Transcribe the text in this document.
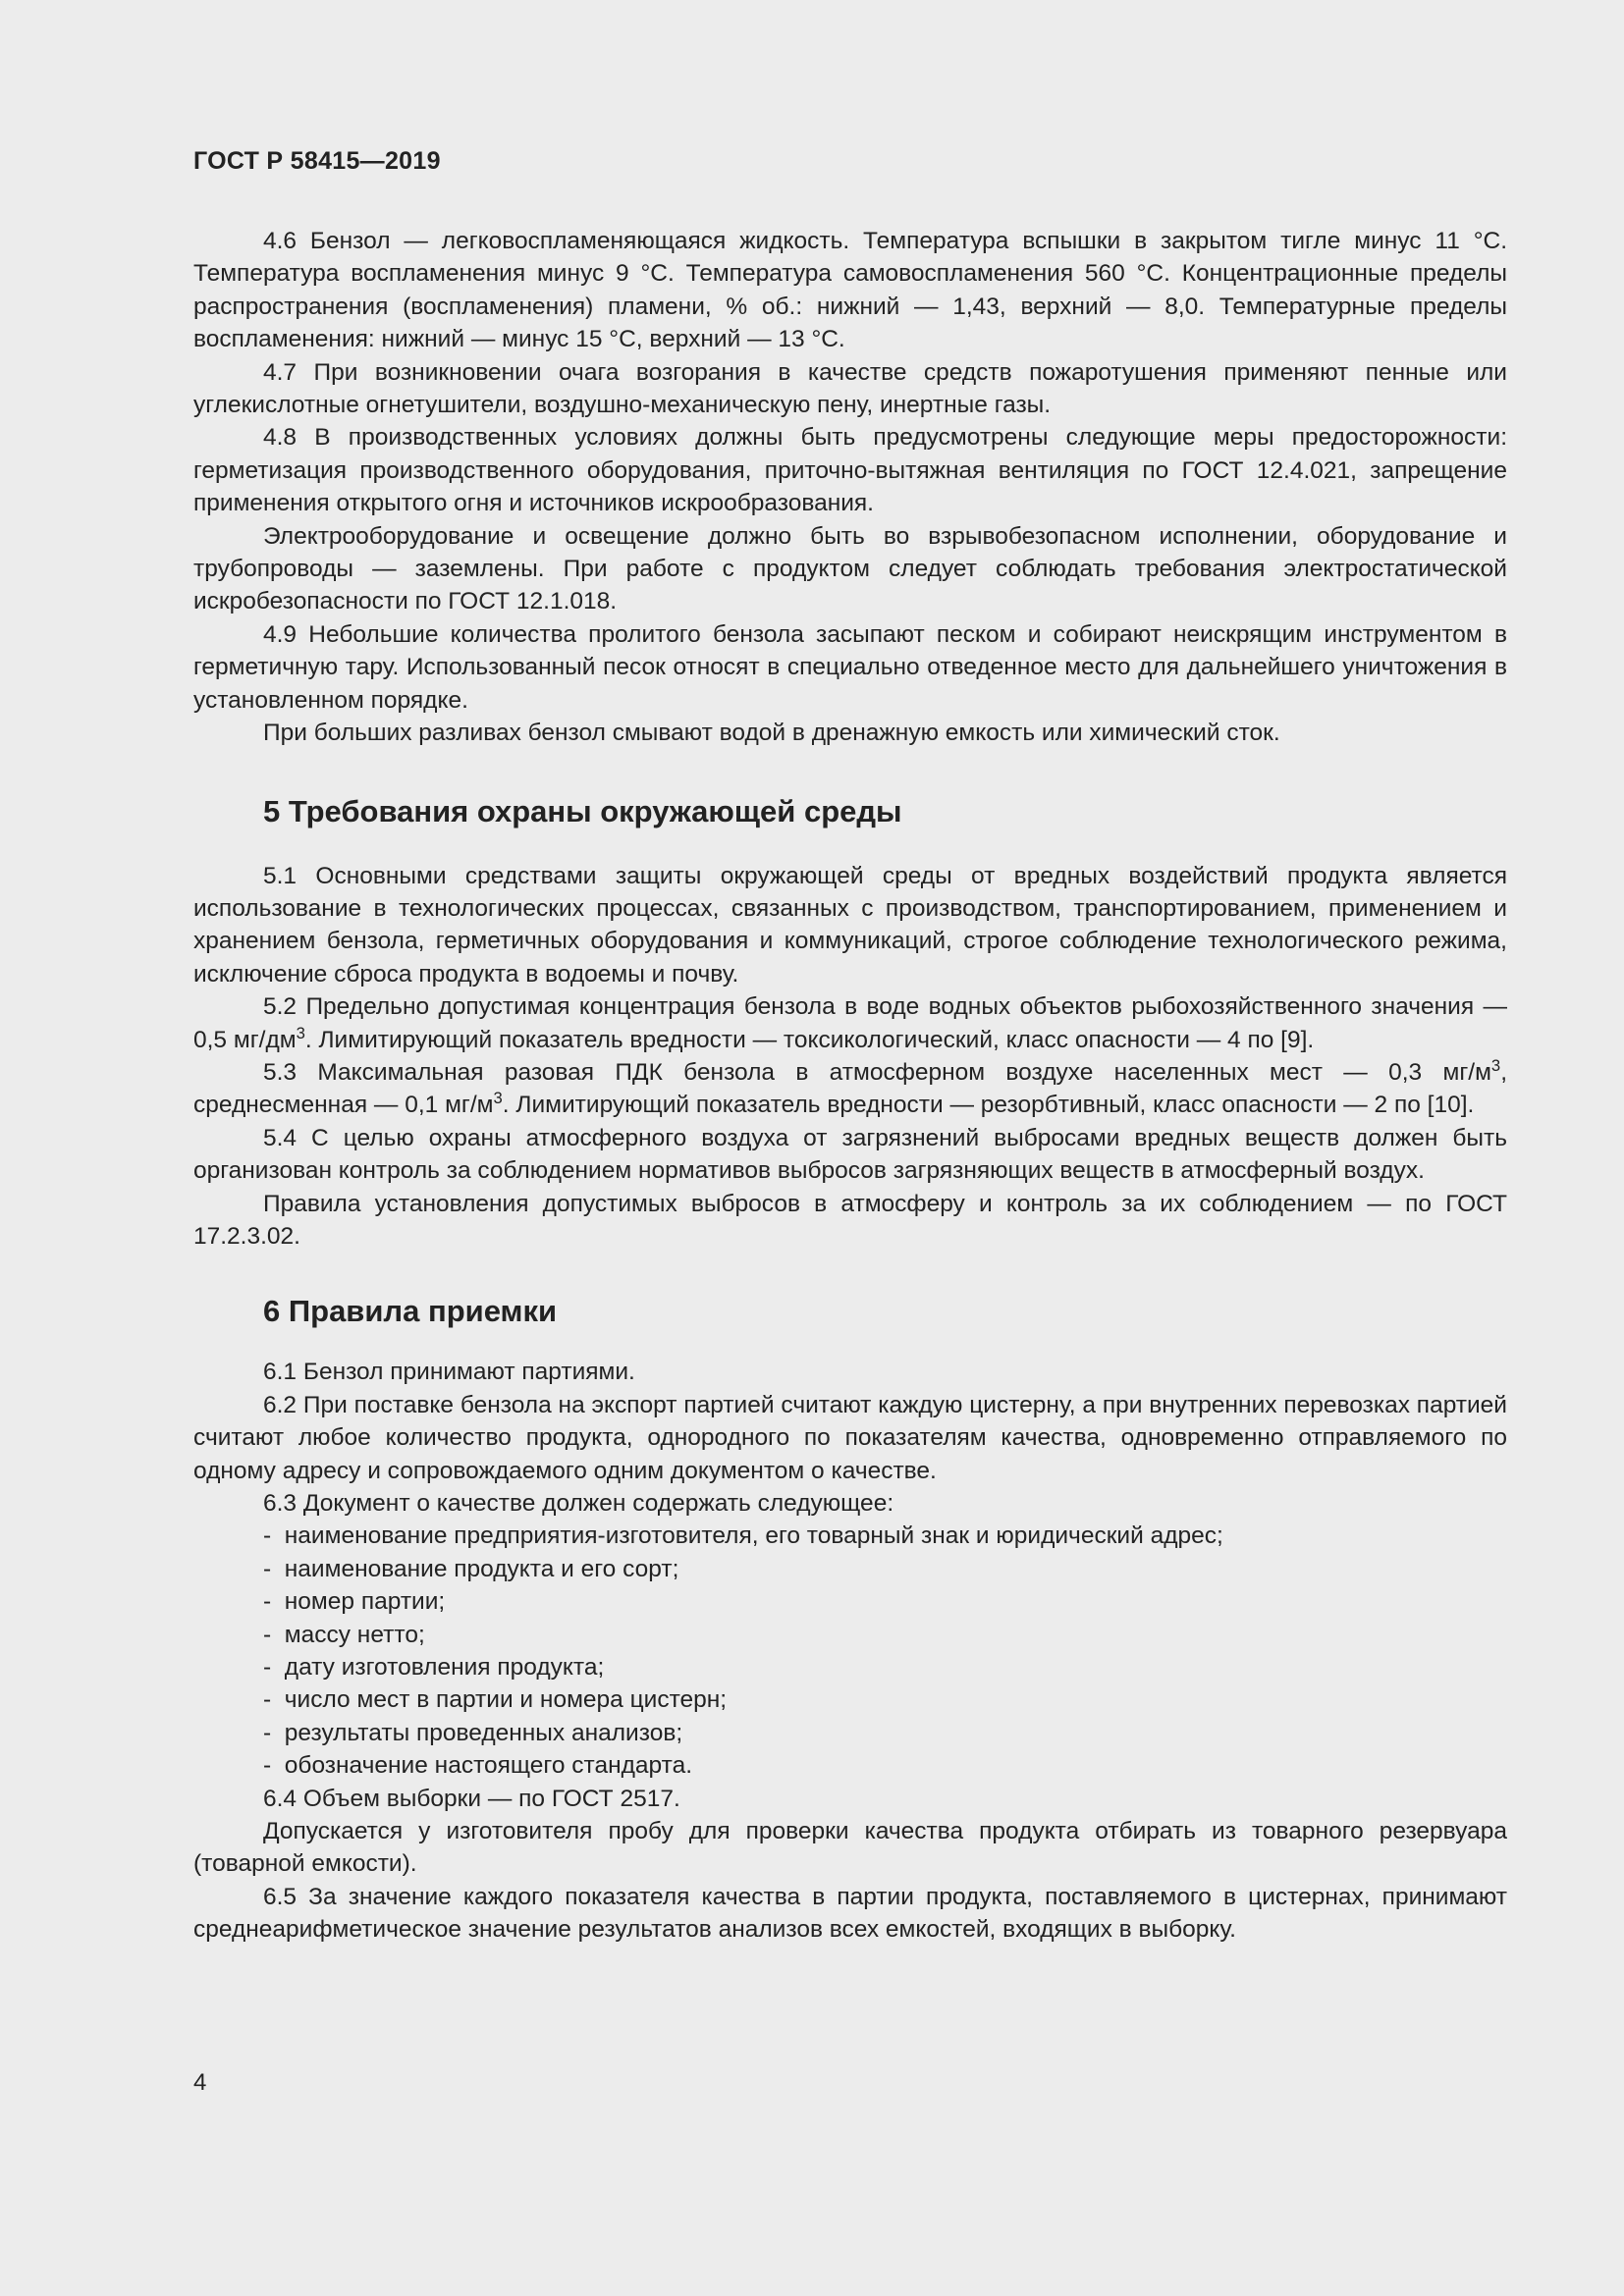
ГОСТ Р 58415—2019

4.6 Бензол — легковоспламеняющаяся жидкость. Температура вспышки в закрытом тигле минус 11 °С. Температура воспламенения минус 9 °С. Температура самовоспламенения 560 °С. Концентрационные пределы распространения (воспламенения) пламени, % об.: нижний — 1,43, верхний — 8,0. Температурные пределы воспламенения: нижний — минус 15 °С, верхний — 13 °С.

4.7 При возникновении очага возгорания в качестве средств пожаротушения применяют пенные или углекислотные огнетушители, воздушно-механическую пену, инертные газы.

4.8 В производственных условиях должны быть предусмотрены следующие меры предосторожности: герметизация производственного оборудования, приточно-вытяжная вентиляция по ГОСТ 12.4.021, запрещение применения открытого огня и источников искрообразования.

Электрооборудование и освещение должно быть во взрывобезопасном исполнении, оборудование и трубопроводы — заземлены. При работе с продуктом следует соблюдать требования электростатической искробезопасности по ГОСТ 12.1.018.

4.9 Небольшие количества пролитого бензола засыпают песком и собирают неискрящим инструментом в герметичную тару. Использованный песок относят в специально отведенное место для дальнейшего уничтожения в установленном порядке.

При больших разливах бензол смывают водой в дренажную емкость или химический сток.

5 Требования охраны окружающей среды

5.1 Основными средствами защиты окружающей среды от вредных воздействий продукта является использование в технологических процессах, связанных с производством, транспортированием, применением и хранением бензола, герметичных оборудования и коммуникаций, строгое соблюдение технологического режима, исключение сброса продукта в водоемы и почву.

5.2 Предельно допустимая концентрация бензола в воде водных объектов рыбохозяйственного значения — 0,5 $мг/дм^3$. Лимитирующий показатель вредности — токсикологический, класс опасности — 4 по [9].

5.3 Максимальная разовая ПДК бензола в атмосферном воздухе населенных мест — 0,3 $мг/м^3$, среднесменная — 0,1 $мг/м^3$. Лимитирующий показатель вредности — резорбтивный, класс опасности — 2 по [10].

5.4 С целью охраны атмосферного воздуха от загрязнений выбросами вредных веществ должен быть организован контроль за соблюдением нормативов выбросов загрязняющих веществ в атмосферный воздух.

Правила установления допустимых выбросов в атмосферу и контроль за их соблюдением — по ГОСТ 17.2.3.02.

6 Правила приемки

6.1 Бензол принимают партиями.

6.2 При поставке бензола на экспорт партией считают каждую цистерну, а при внутренних перевозках партией считают любое количество продукта, однородного по показателям качества, одновременно отправляемого по одному адресу и сопровождаемого одним документом о качестве.

6.3 Документ о качестве должен содержать следующее:

-  наименование предприятия-изготовителя, его товарный знак и юридический адрес;
-  наименование продукта и его сорт;
-  номер партии;
-  массу нетто;
-  дату изготовления продукта;
-  число мест в партии и номера цистерн;
-  результаты проведенных анализов;
-  обозначение настоящего стандарта.

6.4 Объем выборки — по ГОСТ 2517.

Допускается у изготовителя пробу для проверки качества продукта отбирать из товарного резервуара (товарной емкости).

6.5 За значение каждого показателя качества в партии продукта, поставляемого в цистернах, принимают среднеарифметическое значение результатов анализов всех емкостей, входящих в выборку.

4
